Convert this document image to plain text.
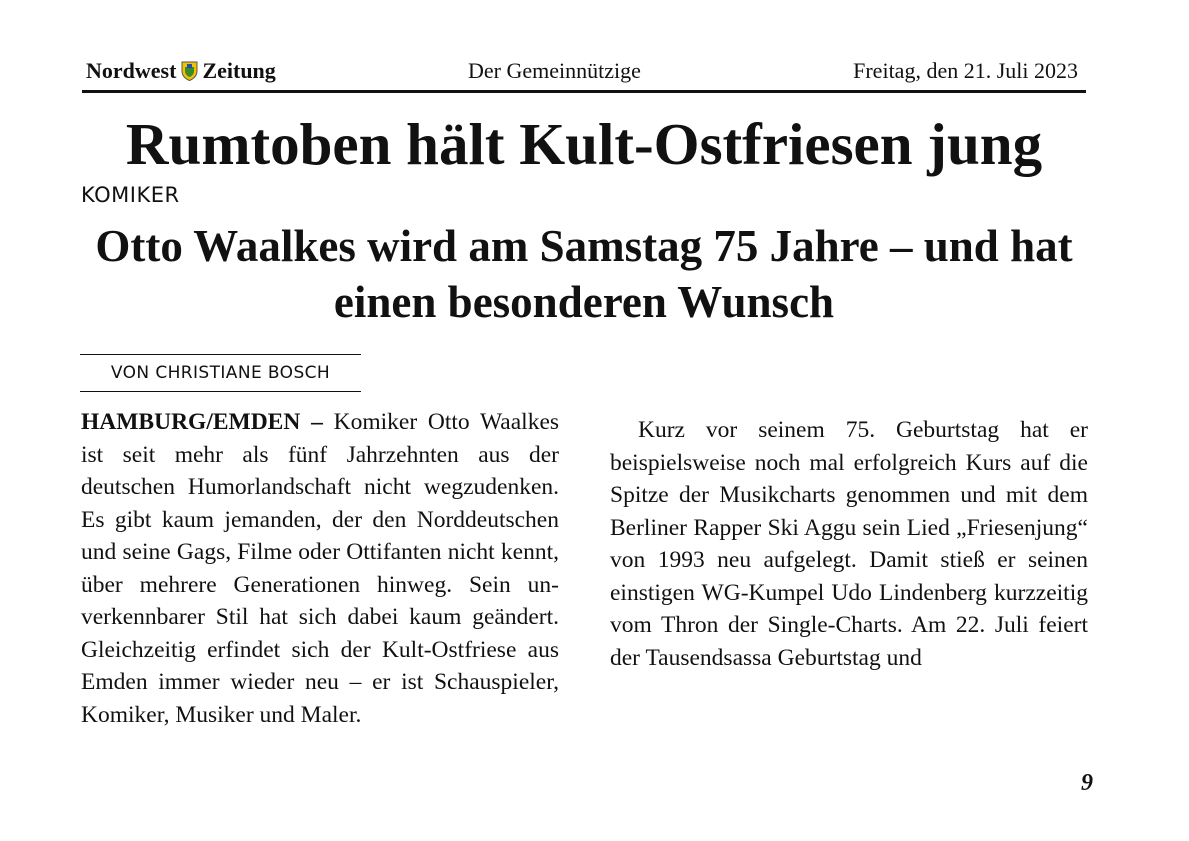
Nordwest Zeitung	Der Gemeinnützige	Freitag, den 21. Juli 2023
Rumtoben hält Kult-Ostfriesen jung
KOMIKER
Otto Waalkes wird am Samstag 75 Jahre – und hat einen besonderen Wunsch
VON CHRISTIANE BOSCH

HAMBURG/EMDEN – Komiker Otto Waalkes ist seit mehr als fünf Jahrzehnten aus der deutschen Humorlandschaft nicht wegzudenken. Es gibt kaum jemanden, der den Norddeutschen und seine Gags, Filme oder Ottifanten nicht kennt, über mehrere Generationen hinweg. Sein unverkennbarer Stil hat sich dabei kaum geändert. Gleichzeitig erfindet sich der Kult-Ostfriese aus Emden immer wieder neu – er ist Schauspieler, Komiker, Musiker und Maler.

Kurz vor seinem 75. Geburtstag hat er beispielsweise noch mal erfolgreich Kurs auf die Spitze der Musikcharts genommen und mit dem Berliner Rapper Ski Aggu sein Lied „Friesenjung“ von 1993 neu aufgelegt. Damit stieß er seinen einstigen WG-Kumpel Udo Lindenberg kurzzeitig vom Thron der Single-Charts. Am 22. Juli feiert der Tausendsassa Geburtstag und

9
